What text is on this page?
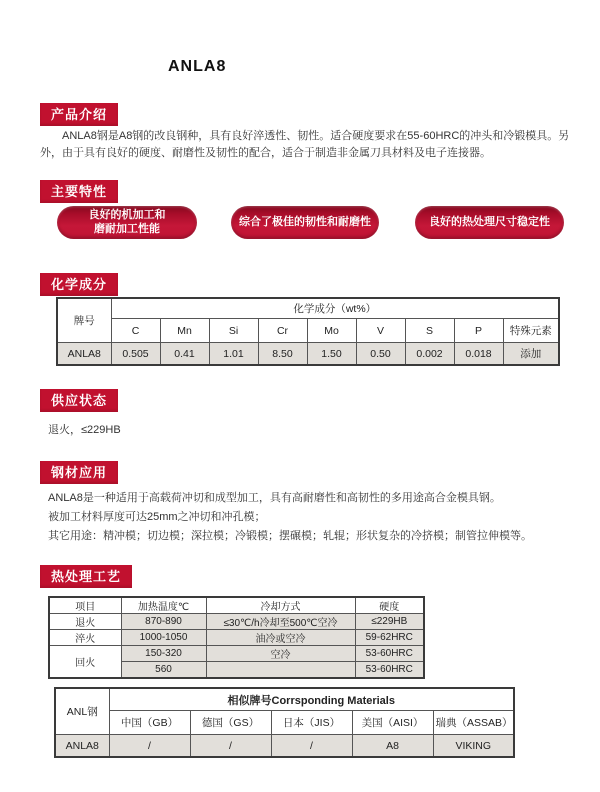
ANLA8
产品介绍
ANLA8钢是A8钢的改良钢种，具有良好淬透性、韧性。适合硬度要求在55-60HRC的冲头和冷锻模具。另外，由于具有良好的硬度、耐磨性及韧性的配合，适合于制造非金属刀具材料及电子连接器。
主要特性
良好的机加工和
磨耐加工性能
综合了极佳的韧性和耐磨性	良好的热处理尺寸稳定性
化学成分
牌号	化学成分（wt%）								
	C	Mn	Si	Cr	Mo	V	S	P	特殊元素
ANLA8	0.505	0.41	1.01	8.50	1.50	0.50	0.002	0.018	添加
供应状态
退火，≤229HB
钢材应用
ANLA8是一种适用于高载荷冲切和成型加工，具有高耐磨性和高韧性的多用途高合金模具钢。
被加工材料厚度可达25mm之冲切和冲孔模；
其它用途：精冲模；切边模；深拉模；冷锻模；摆碾模；轧辊；形状复杂的冷挤模；制管拉伸模等。
热处理工艺
项目	加热温度℃	冷却方式	硬度
退火	870-890	≤30℃/h冷却至500℃空冷	≤229HB
淬火	1000-1050	油冷或空冷	59-62HRC
回火	150-320	空冷	53-60HRC
	560		53-60HRC
ANL钢	相似牌号Corrsponding Materials				
	中国（GB）	德国（GS）	日本（JIS）	美国（AISI）	瑞典（ASSAB）
ANLA8	/	/	/	A8	VIKING
